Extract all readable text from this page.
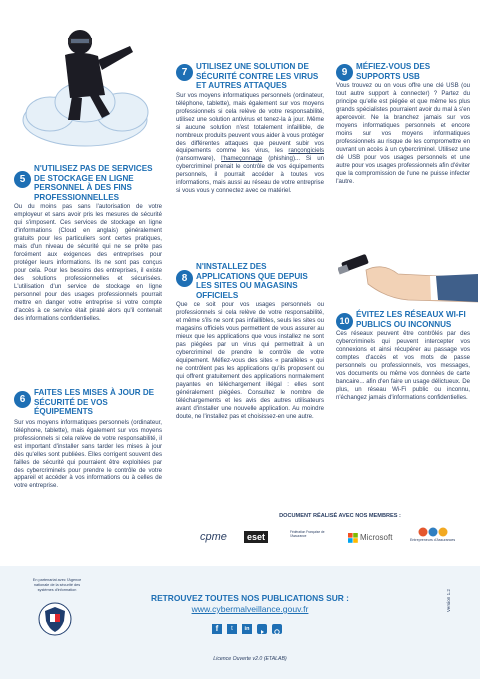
5
N'UTILISEZ PAS DE SERVICES DE STOCKAGE EN LIGNE PERSONNEL À DES FINS PROFESSIONNELLES
Ou du moins pas sans l'autorisation de votre employeur et sans avoir pris les mesures de sécurité qui s'imposent. Ces services de stockage en ligne d'informations (Cloud en anglais) généralement gratuits pour les particuliers sont certes pratiques, mais d'un niveau de sécurité qui ne se prête pas forcément aux exigences des entreprises pour protéger leurs informations. Ils ne sont pas conçus pour cela. Pour les besoins des entreprises, il existe des solutions professionnelles et sécurisées. L'utilisation d'un service de stockage en ligne personnel pour des usages professionnels pourrait mettre en danger votre entreprise si votre compte d'accès à ce service était piraté alors qu'il contenait des informations confidentielles.
6
FAITES LES MISES À JOUR DE SÉCURITÉ DE VOS ÉQUIPEMENTS
Sur vos moyens informatiques personnels (ordinateur, téléphone, tablette), mais également sur vos moyens professionnels si cela relève de votre responsabilité, il est important d'installer sans tarder les mises à jour dès qu'elles sont publiées. Elles corrigent souvent des failles de sécurité qui pourraient être exploitées par des cybercriminels pour prendre le contrôle de votre appareil et accéder à vos informations ou à celles de votre entreprise.
7
UTILISEZ UNE SOLUTION DE SÉCURITÉ CONTRE LES VIRUS ET AUTRES ATTAQUES
Sur vos moyens informatiques personnels (ordinateur, téléphone, tablette), mais également sur vos moyens professionnels si cela relève de votre responsabilité, utilisez une solution antivirus et tenez-la à jour. Même si aucune solution n'est totalement infaillible, de nombreux produits peuvent vous aider à vous protéger des différentes attaques que peuvent subir vos équipements comme les virus, les rançongiciels (ransomware), l'hameçonnage (phishing)... Si un cybercriminel prenait le contrôle de vos équipements personnels, il pourrait accéder à toutes vos informations, mais aussi au réseau de votre entreprise si vous vous y connectez avec ce matériel.
8
N'INSTALLEZ DES APPLICATIONS QUE DEPUIS LES SITES OU MAGASINS OFFICIELS
Que ce soit pour vos usages personnels ou professionnels si cela relève de votre responsabilité, et même s'ils ne sont pas infaillibles, seuls les sites ou magasins officiels vous permettent de vous assurer au mieux que les applications que vous installez ne sont pas piégées par un virus qui permettrait à un cybercriminel de prendre le contrôle de votre équipement. Méfiez-vous des sites « parallèles » qui ne contrôlent pas les applications qu'ils proposent ou qui offrent gratuitement des applications normalement payantes en téléchargement illégal : elles sont généralement piégées. Consultez le nombre de téléchargements et les avis des autres utilisateurs avant d'installer une nouvelle application. Au moindre doute, ne l'installez pas et choisissez-en une autre.
9
MÉFIEZ-VOUS DES SUPPORTS USB
Vous trouvez ou on vous offre une clé USB (ou tout autre support à connecter) ? Partez du principe qu'elle est piégée et que même les plus grands spécialistes pourraient avoir du mal à s'en apercevoir. Ne la branchez jamais sur vos moyens informatiques personnels et encore moins sur vos moyens informatiques professionnels au risque de les compromettre en ouvrant un accès à un cybercriminel. Utilisez une clé USB pour vos usages personnels et une autre pour vos usages professionnels afin d'éviter que la compromission de l'une ne puisse infecter l'autre.
10
ÉVITEZ LES RÉSEAUX WI-FI PUBLICS OU INCONNUS
Ces réseaux peuvent être contrôlés par des cybercriminels qui peuvent intercepter vos connexions et ainsi récupérer au passage vos comptes d'accès et vos mots de passe personnels ou professionnels, vos messages, vos documents ou même vos données de carte bancaire... afin d'en faire un usage délictueux. De plus, un réseau Wi-Fi public ou inconnu, n'échangez jamais d'informations confidentielles.
DOCUMENT RÉALISÉ AVEC NOS MEMBRES :
cpme	eset	Fédération Française de l'Assurance	Microsoft	Entrepreneurs d'Assurances
En partenariat avec l'Agence nationale de la sécurité des systèmes d'information
RETROUVEZ TOUTES NOS PUBLICATIONS SUR :
www.cybermalveillance.gouv.fr
f	t	in
Licence Ouverte v2.0 (ETALAB)
Version 1.2
